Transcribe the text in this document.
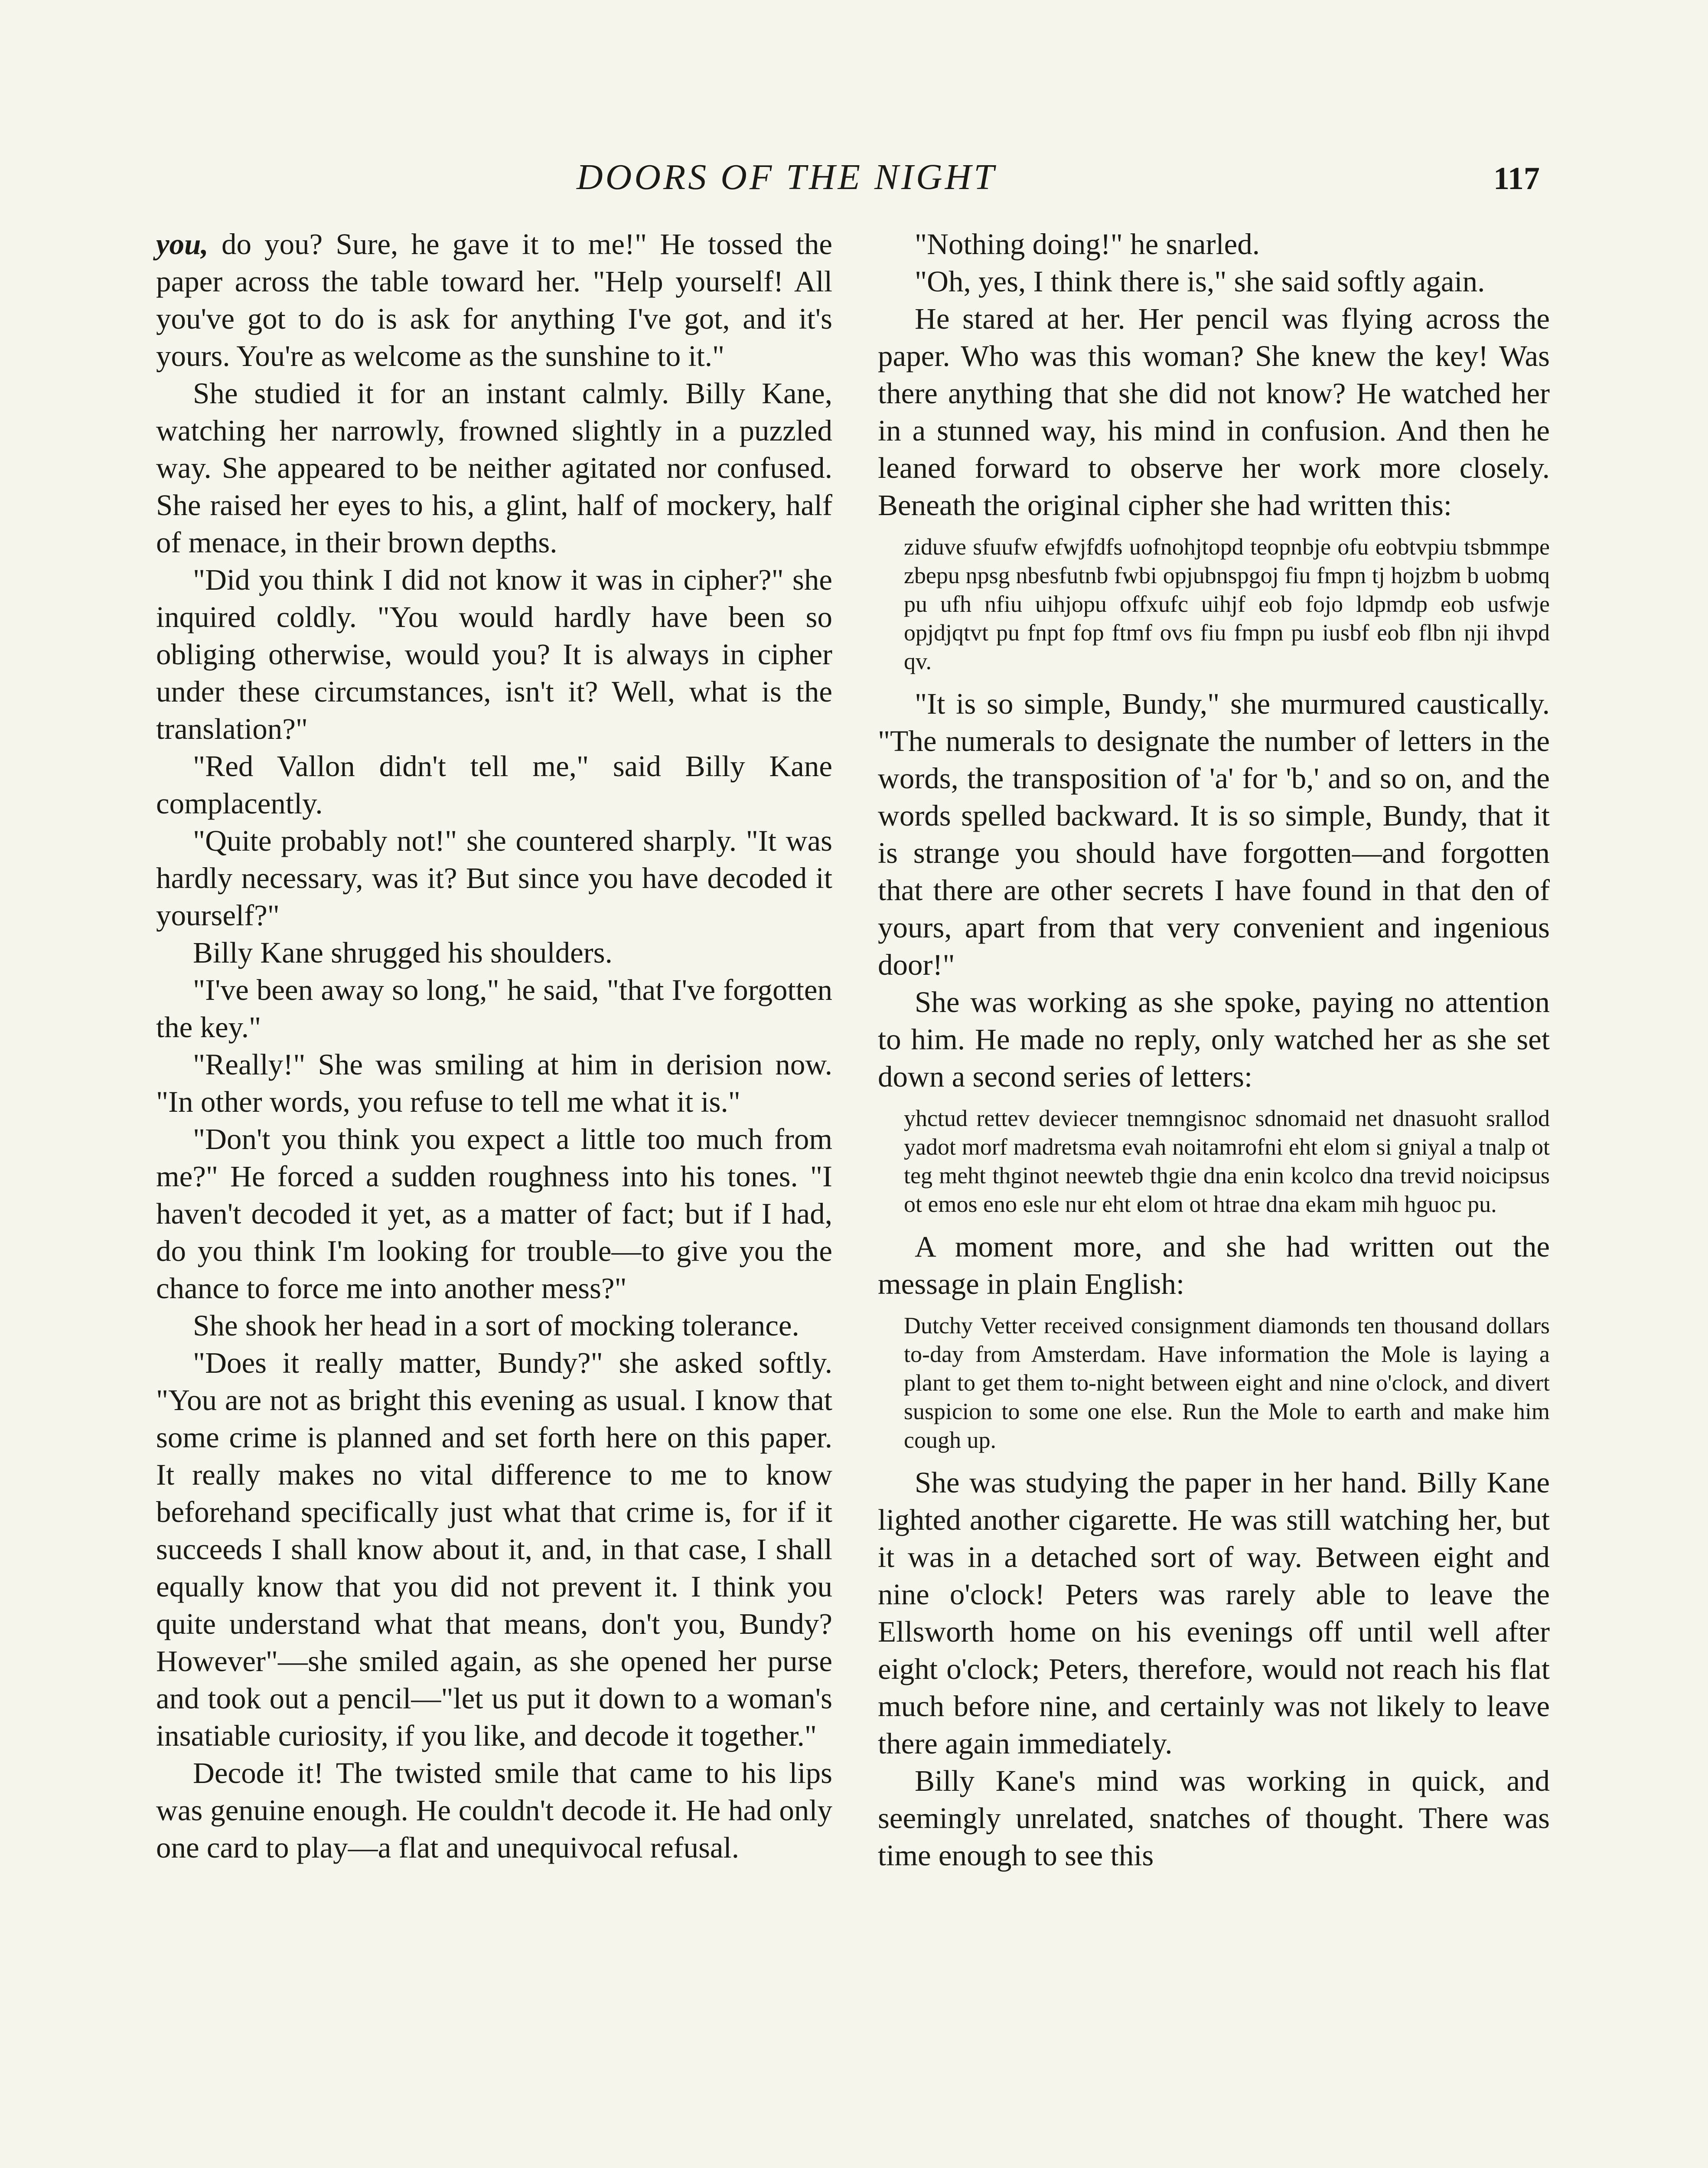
DOORS OF THE NIGHT	117

you, do you? Sure, he gave it to me!" He tossed the paper across the table toward her. "Help yourself! All you've got to do is ask for anything I've got, and it's yours. You're as welcome as the sunshine to it."

She studied it for an instant calmly. Billy Kane, watching her narrowly, frowned slightly in a puzzled way. She appeared to be neither agitated nor confused. She raised her eyes to his, a glint, half of mockery, half of menace, in their brown depths.

"Did you think I did not know it was in cipher?" she inquired coldly. "You would hardly have been so obliging otherwise, would you? It is always in cipher under these circumstances, isn't it? Well, what is the translation?"

"Red Vallon didn't tell me," said Billy Kane complacently.

"Quite probably not!" she countered sharply. "It was hardly necessary, was it? But since you have decoded it yourself?"

Billy Kane shrugged his shoulders.

"I've been away so long," he said, "that I've forgotten the key."

"Really!" She was smiling at him in derision now. "In other words, you refuse to tell me what it is."

"Don't you think you expect a little too much from me?" He forced a sudden roughness into his tones. "I haven't decoded it yet, as a matter of fact; but if I had, do you think I'm looking for trouble—to give you the chance to force me into another mess?"

She shook her head in a sort of mocking tolerance.

"Does it really matter, Bundy?" she asked softly. "You are not as bright this evening as usual. I know that some crime is planned and set forth here on this paper. It really makes no vital difference to me to know beforehand specifically just what that crime is, for if it succeeds I shall know about it, and, in that case, I shall equally know that you did not prevent it. I think you quite understand what that means, don't you, Bundy? However"—she smiled again, as she opened her purse and took out a pencil—"let us put it down to a woman's insatiable curiosity, if you like, and decode it together."

Decode it! The twisted smile that came to his lips was genuine enough. He couldn't decode it. He had only one card to play—a flat and unequivocal refusal.

"Nothing doing!" he snarled.

"Oh, yes, I think there is," she said softly again.

He stared at her. Her pencil was flying across the paper. Who was this woman? She knew the key! Was there anything that she did not know? He watched her in a stunned way, his mind in confusion. And then he leaned forward to observe her work more closely. Beneath the original cipher she had written this:

ziduve sfuufw efwjfdfs uofnohjtopd teopnbje ofu eobtvpiu tsbmmpe zbepu npsg nbesfutnb fwbi opjubnspgoj fiu fmpn tj hojzbm b uobmq pu ufh nfiu uihjopu offxufc uihjf eob fojo ldpmdp eob usfwje opjdjqtvt pu fnpt fop ftmf ovs fiu fmpn pu iusbf eob flbn nji ihvpd qv.

"It is so simple, Bundy," she murmured caustically. "The numerals to designate the number of letters in the words, the transposition of 'a' for 'b,' and so on, and the words spelled backward. It is so simple, Bundy, that it is strange you should have forgotten—and forgotten that there are other secrets I have found in that den of yours, apart from that very convenient and ingenious door!"

She was working as she spoke, paying no attention to him. He made no reply, only watched her as she set down a second series of letters:

yhctud rettev deviecer tnemngisnoc sdnomaid net dnasuoht srallod yadot morf madretsma evah noitamrofni eht elom si gniyal a tnalp ot teg meht thginot neewteb thgie dna enin kcolco dna trevid noicipsus ot emos eno esle nur eht elom ot htrae dna ekam mih hguoc pu.

A moment more, and she had written out the message in plain English:

Dutchy Vetter received consignment diamonds ten thousand dollars to-day from Amsterdam. Have information the Mole is laying a plant to get them to-night between eight and nine o'clock, and divert suspicion to some one else. Run the Mole to earth and make him cough up.

She was studying the paper in her hand. Billy Kane lighted another cigarette. He was still watching her, but it was in a detached sort of way. Between eight and nine o'clock! Peters was rarely able to leave the Ellsworth home on his evenings off until well after eight o'clock; Peters, therefore, would not reach his flat much before nine, and certainly was not likely to leave there again immediately.

Billy Kane's mind was working in quick, and seemingly unrelated, snatches of thought. There was time enough to see this
